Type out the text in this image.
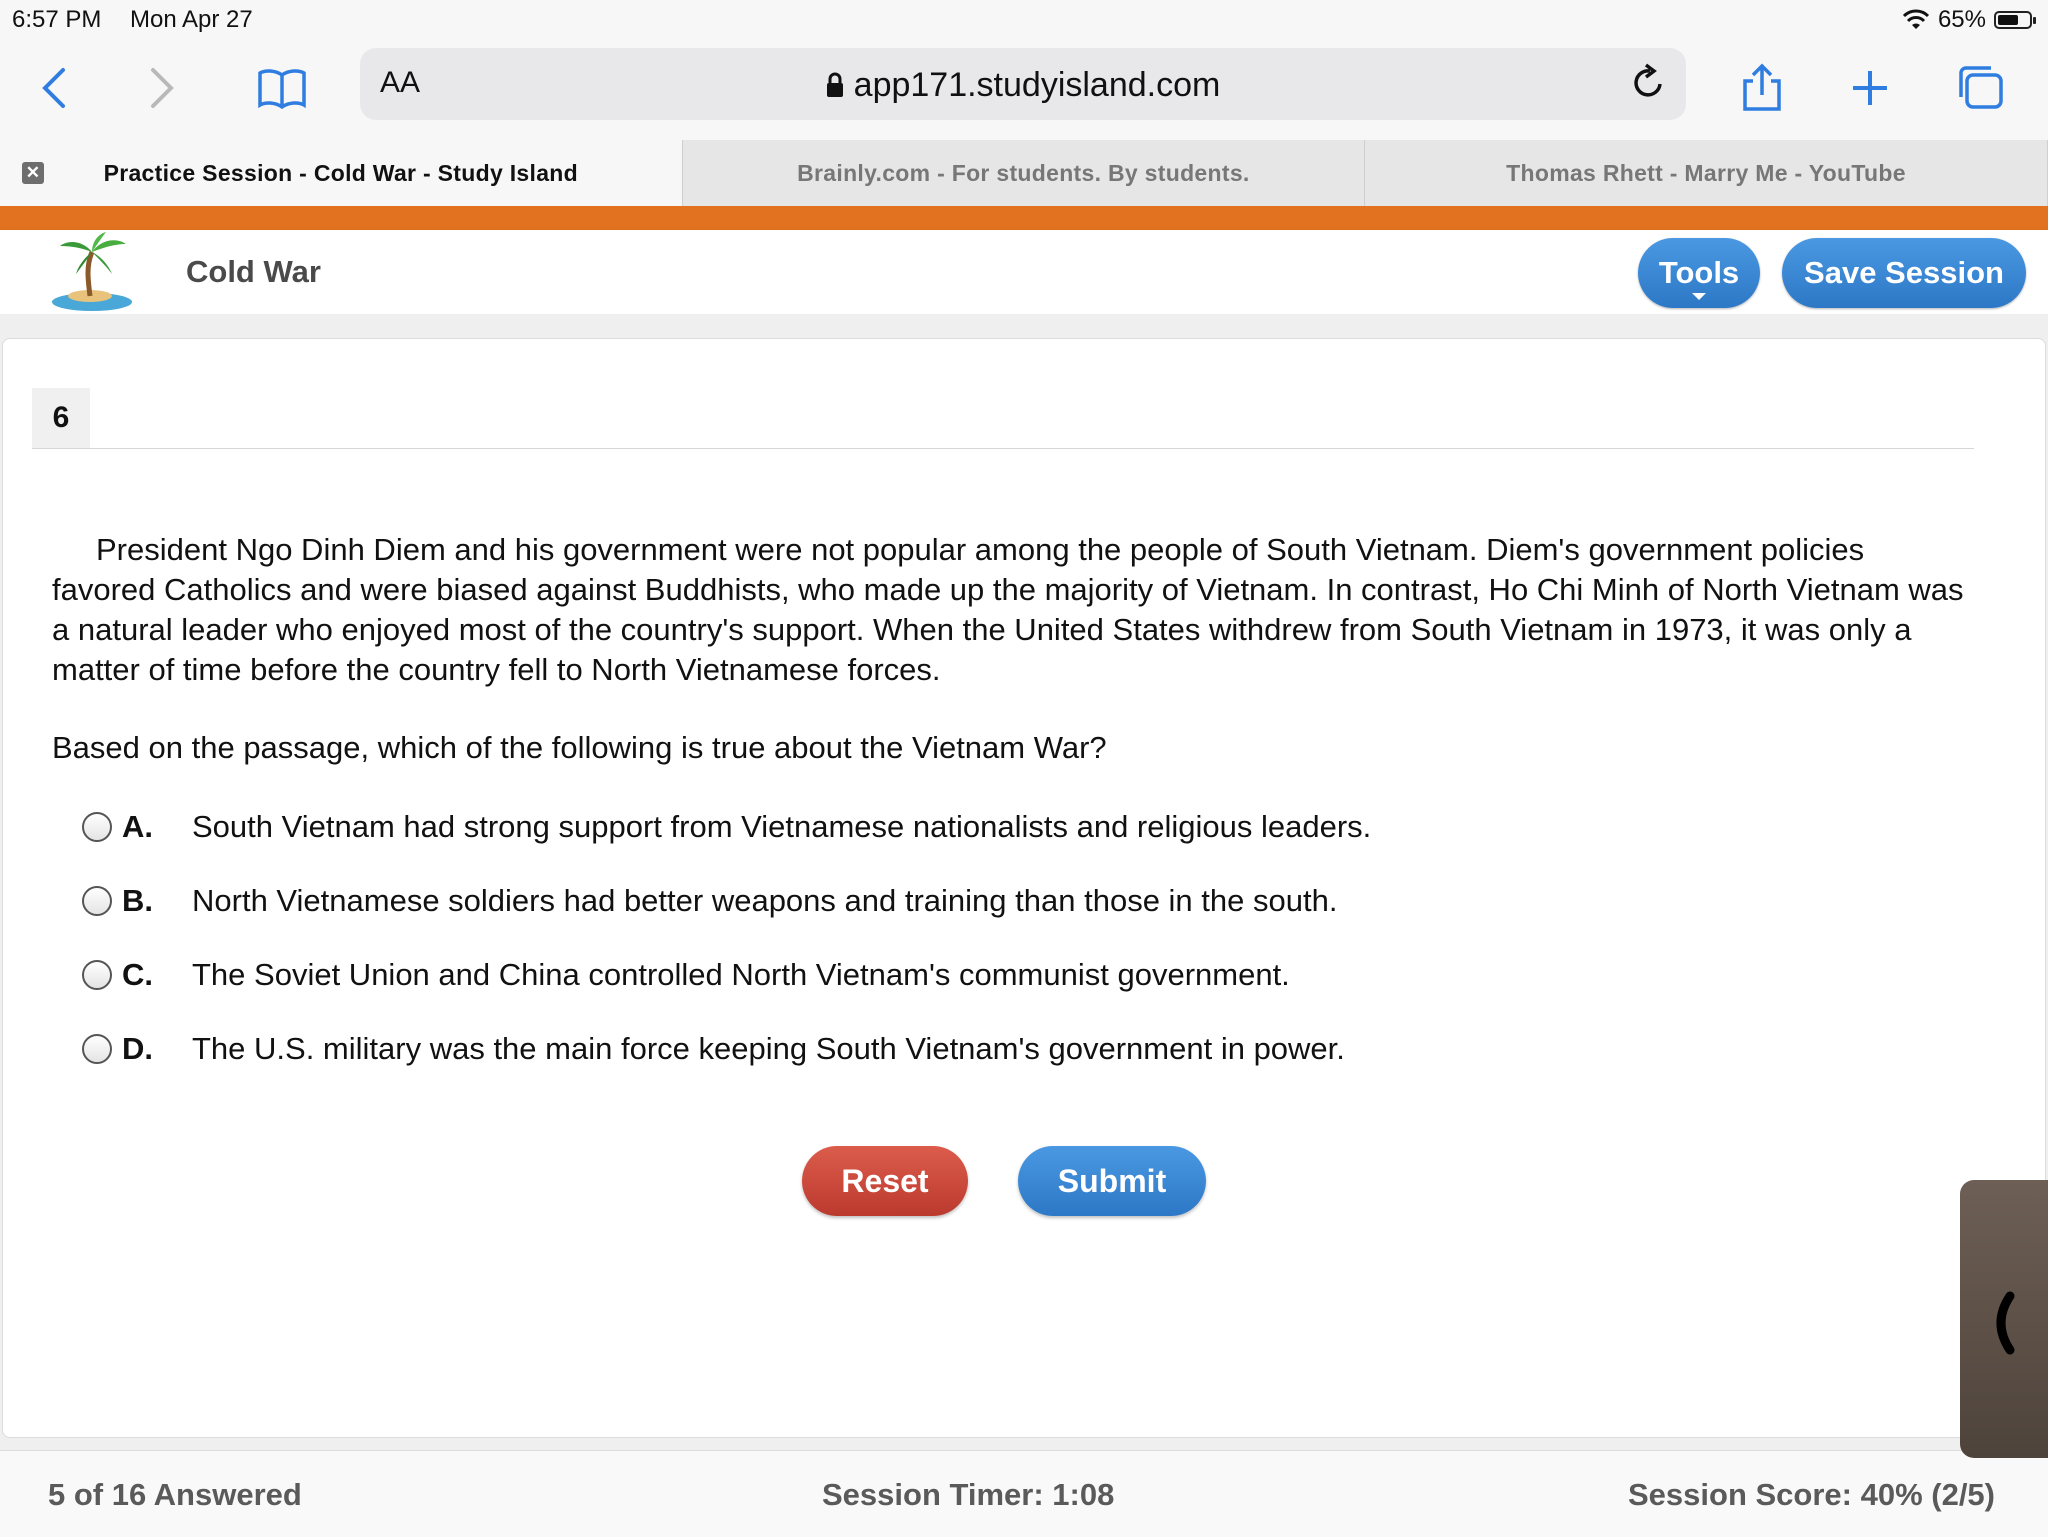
6:57 PM Mon Apr 27	65%
AA	app171.studyisland.com
✕	Practice Session - Cold War - Study Island	Brainly.com - For students. By students.	Thomas Rhett - Marry Me - YouTube
Cold War	Tools	Save Session
6

President Ngo Dinh Diem and his government were not popular among the people of South Vietnam. Diem's government policies favored Catholics and were biased against Buddhists, who made up the majority of Vietnam. In contrast, Ho Chi Minh of North Vietnam was a natural leader who enjoyed most of the country's support. When the United States withdrew from South Vietnam in 1973, it was only a matter of time before the country fell to North Vietnamese forces.

Based on the passage, which of the following is true about the Vietnam War?
A.	South Vietnam had strong support from Vietnamese nationalists and religious leaders.
B.	North Vietnamese soldiers had better weapons and training than those in the south.
C.	The Soviet Union and China controlled North Vietnam's communist government.
D.	The U.S. military was the main force keeping South Vietnam's government in power.
Reset	Submit
5 of 16 Answered	Session Timer: 1:08	Session Score: 40% (2/5)
